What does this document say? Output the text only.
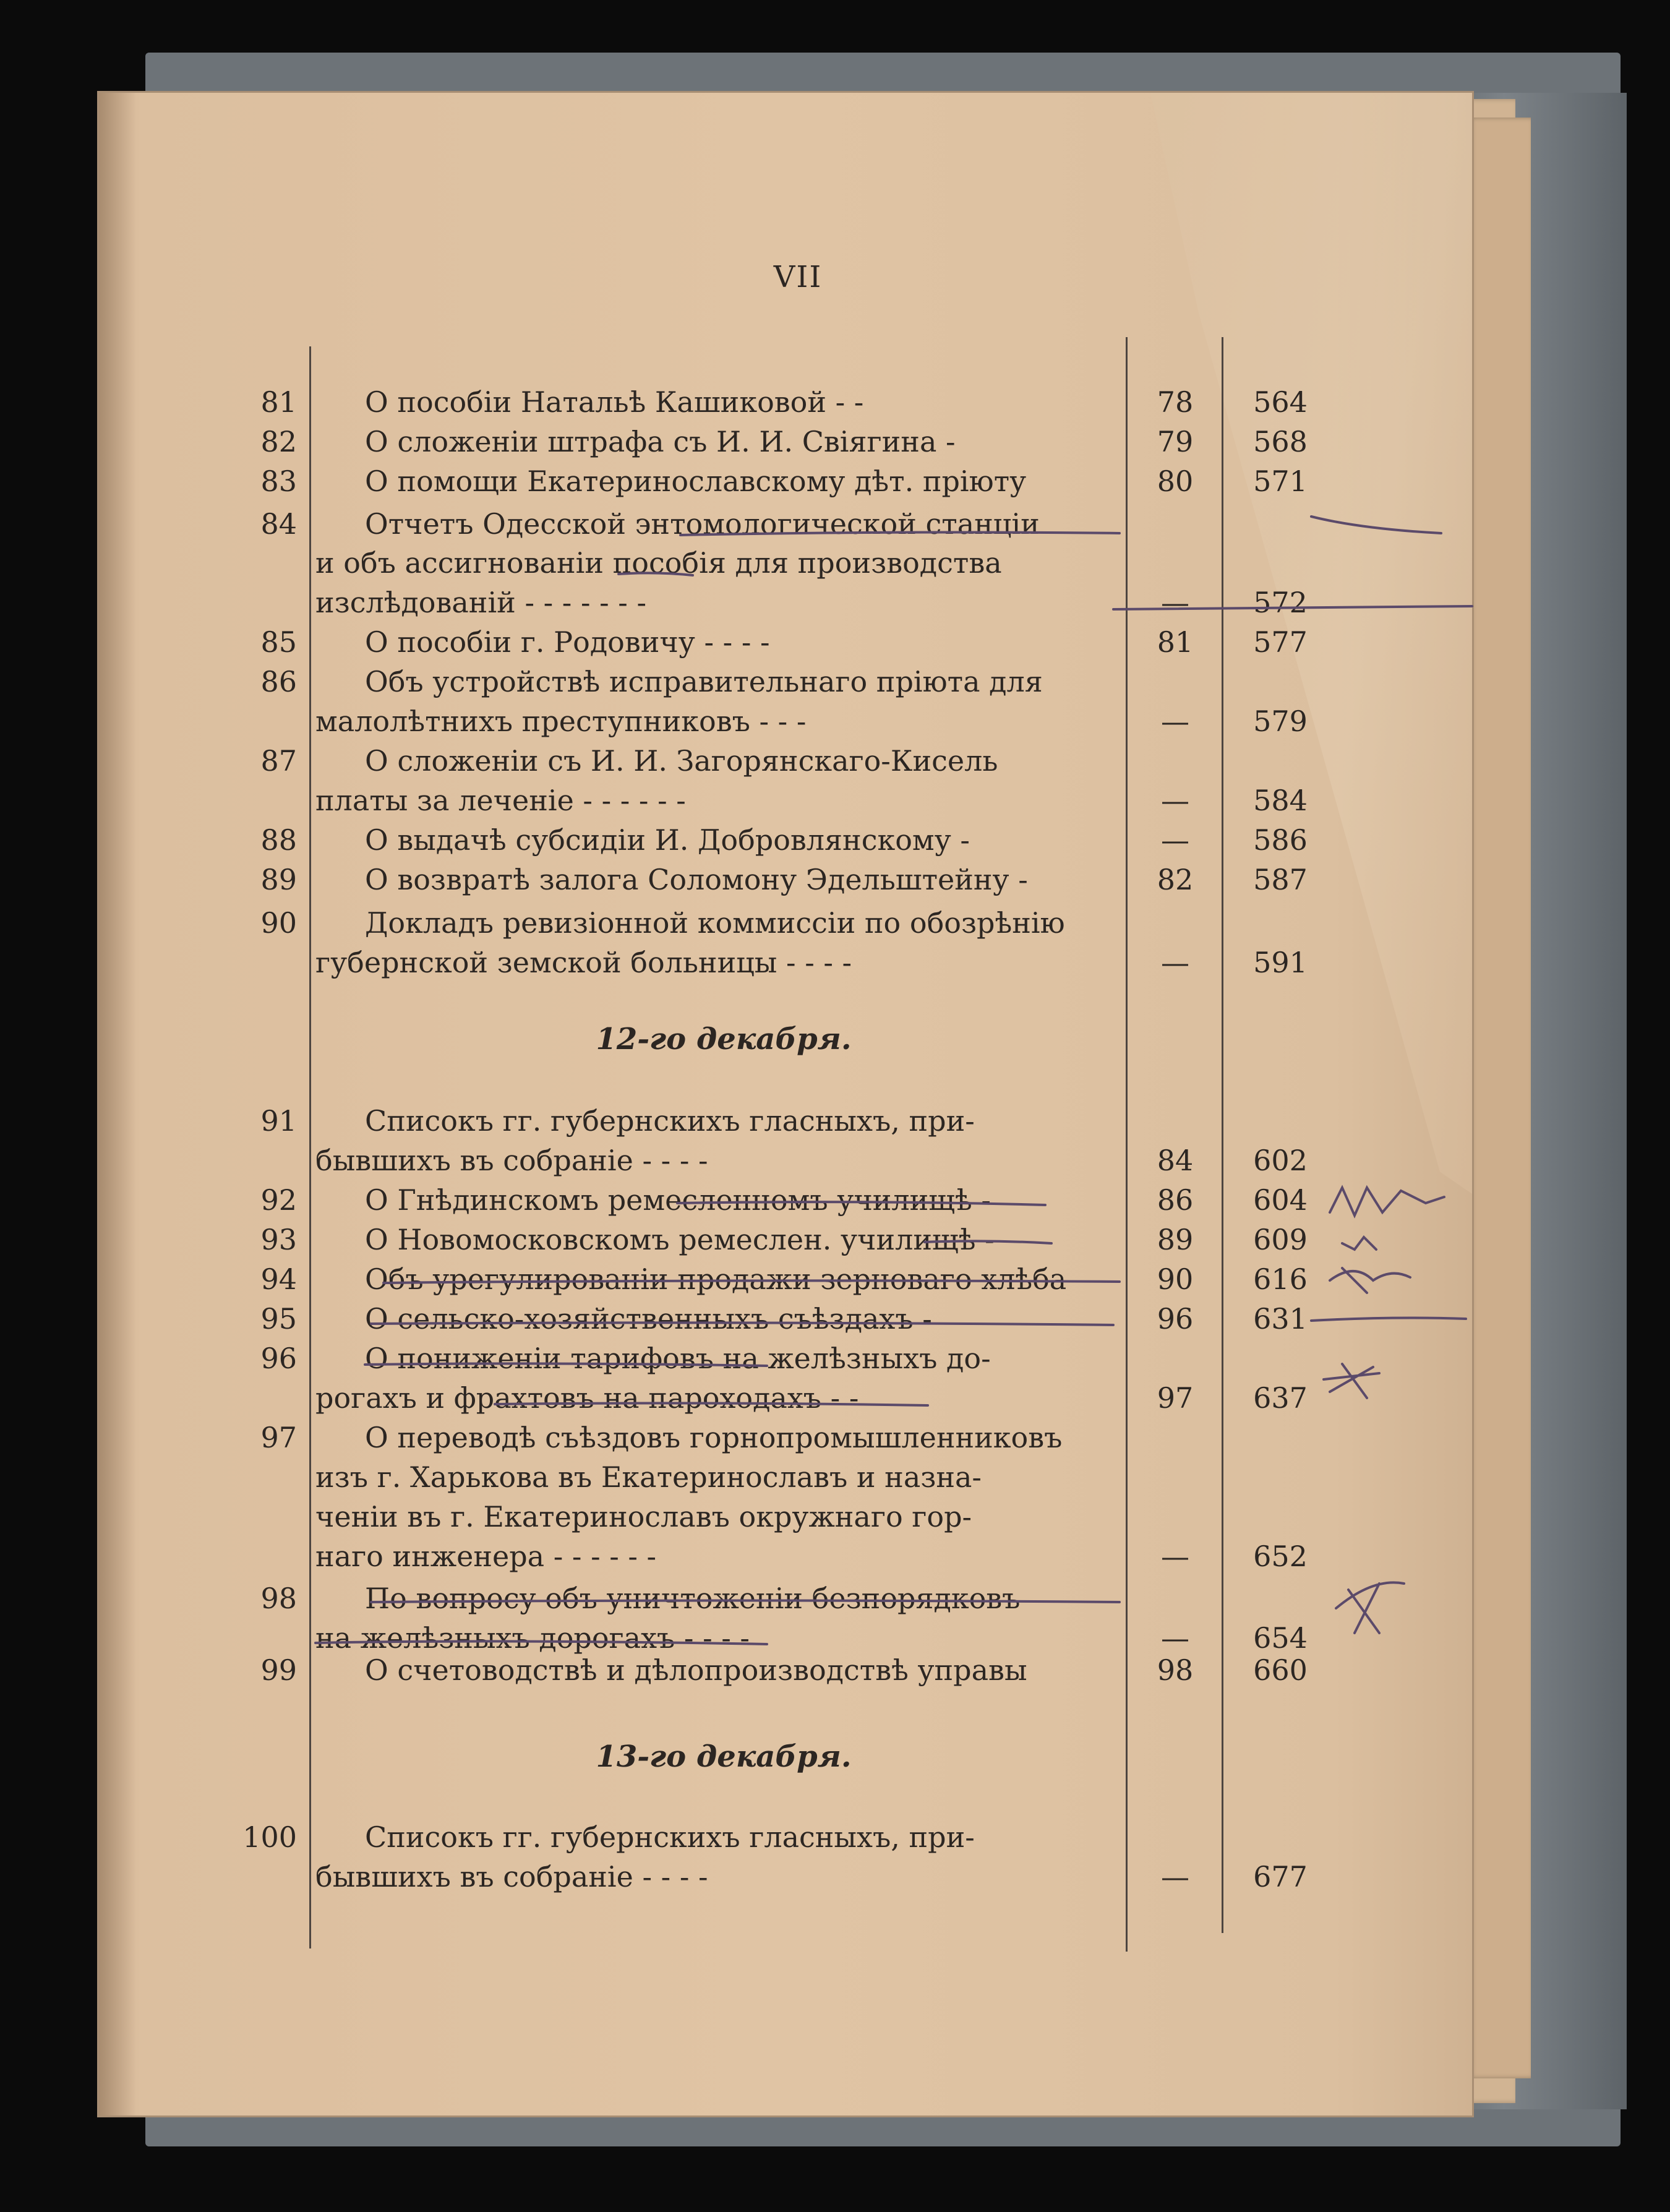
VII
81 О пособіи Натальѣ Кашиковой - -	78	564
82 О сложеніи штрафа съ И. И. Свіягина -	79	568
83 О помощи Екатеринославскому дѣт. пріюту	80	571
84 Отчетъ Одесской энтомологической станціи
и объ ассигнованіи пособія для производства
изслѣдованій - - - - - - -	—	572
85 О пособіи г. Родовичу - - - -	81	577
86 Объ устройствѣ исправительнаго пріюта для
малолѣтнихъ преступниковъ - - -	—	579
87 О сложеніи съ И. И. Загорянскаго-Кисель
платы за леченіе - - - - - -	—	584
88 О выдачѣ субсидіи И. Добровлянскому -	—	586
89 О возвратѣ залога Соломону Эдельштейну -	82	587
90 Докладъ ревизіонной коммиссіи по обозрѣнію
губернской земской больницы - - - -	—	591
12-го декабря.
91 Списокъ гг. губернскихъ гласныхъ, при-
бывшихъ въ собраніе - - - -	84	602
92 О Гнѣдинскомъ ремесленномъ училищѣ -	86	604
93 О Новомосковскомъ ремеслен. училищѣ -	89	609
94 Объ урегулированіи продажи зерноваго хлѣба	90	616
95 О сельско-хозяйственныхъ съѣздахъ -	96	631
96 О пониженіи тарифовъ на желѣзныхъ до-
рогахъ и фрахтовъ на пароходахъ - -	97	637
97 О переводѣ съѣздовъ горнопромышленниковъ
изъ г. Харькова въ Екатеринославъ и назна-
ченіи въ г. Екатеринославъ окружнаго гор-
наго инженера - - - - - -	—	652
98 По вопросу объ уничтоженіи безпорядковъ
на желѣзныхъ дорогахъ - - - -	—	654
99 О счетоводствѣ и дѣлопроизводствѣ управы	98	660
13-го декабря.
100 Списокъ гг. губернскихъ гласныхъ, при-
бывшихъ въ собраніе - - - -	—	677
